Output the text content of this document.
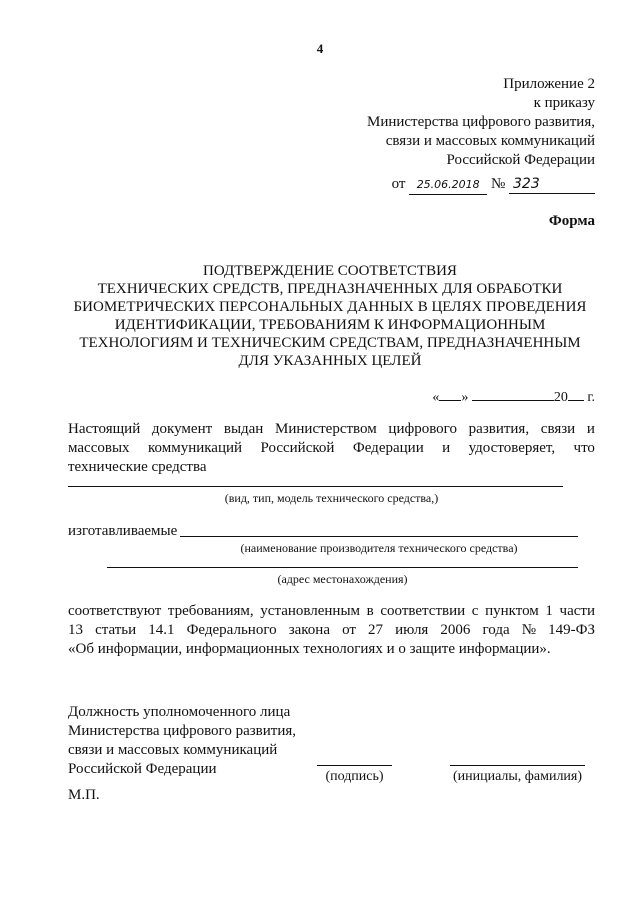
4
Приложение 2
к приказу
Министерства цифрового развития,
связи и массовых коммуникаций
Российской Федерации
от 25.06.2018 № 323
Форма
ПОДТВЕРЖДЕНИЕ СООТВЕТСТВИЯ
ТЕХНИЧЕСКИХ СРЕДСТВ, ПРЕДНАЗНАЧЕННЫХ ДЛЯ ОБРАБОТКИ
БИОМЕТРИЧЕСКИХ ПЕРСОНАЛЬНЫХ ДАННЫХ В ЦЕЛЯХ ПРОВЕДЕНИЯ
ИДЕНТИФИКАЦИИ, ТРЕБОВАНИЯМ К ИНФОРМАЦИОННЫМ
ТЕХНОЛОГИЯМ И ТЕХНИЧЕСКИМ СРЕДСТВАМ, ПРЕДНАЗНАЧЕННЫМ
ДЛЯ УКАЗАННЫХ ЦЕЛЕЙ
« »	20 г.
Настоящий документ выдан Министерством цифрового развития, связи и
массовых коммуникаций Российской Федерации и удостоверяет, что
технические средства
(вид, тип, модель технического средства,)
изготавливаемые
(наименование производителя технического средства)
(адрес местонахождения)
соответствуют требованиям, установленным в соответствии с пунктом 1 части
13 статьи 14.1 Федерального закона от 27 июля 2006 года № 149-ФЗ
«Об информации, информационных технологиях и о защите информации».
Должность уполномоченного лица
Министерства цифрового развития,
связи и массовых коммуникаций
Российской Федерации	(подпись)	(инициалы, фамилия)
М.П.
